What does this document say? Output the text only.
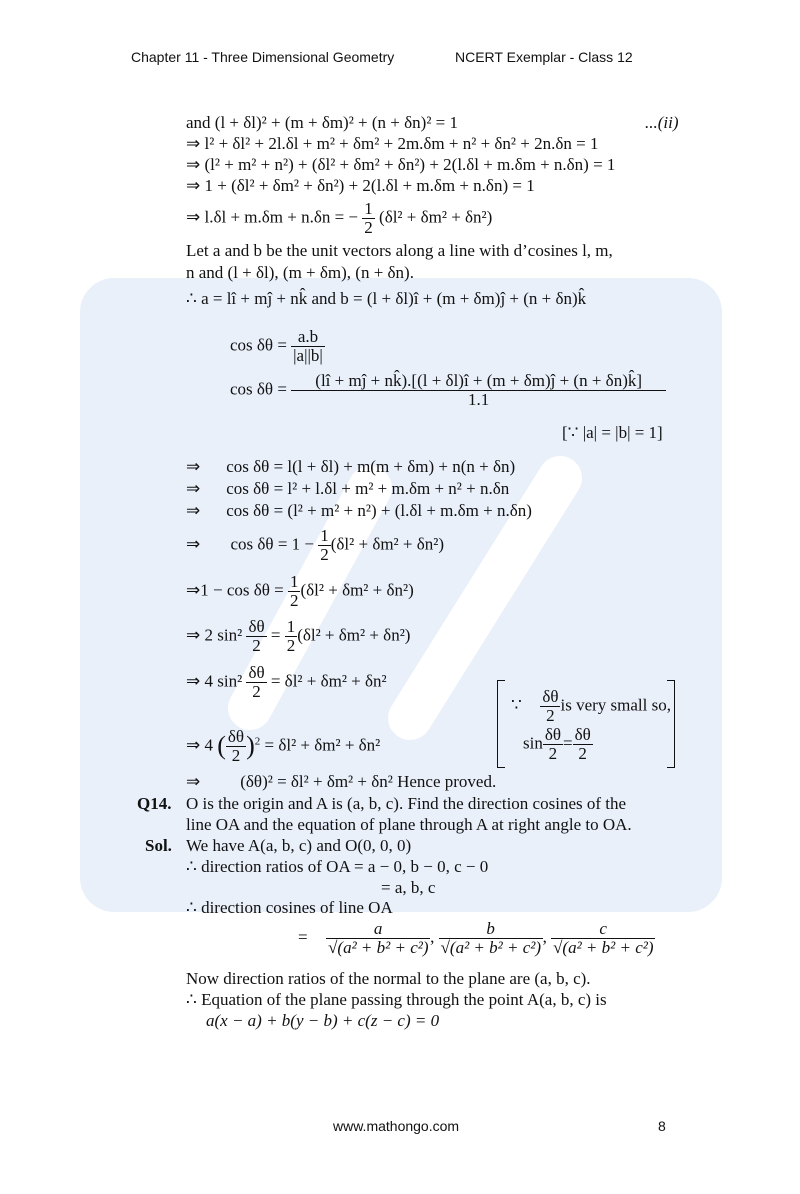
Chapter 11 - Three Dimensional Geometry	NCERT Exemplar - Class 12
and (l + δl)² + (m + δm)² + (n + δn)² = 1	...(ii)
⇒ l² + δl² + 2l.δl + m² + δm² + 2m.δm + n² + δn² + 2n.δn = 1
⇒ (l² + m² + n²) + (δl² + δm² + δn²) + 2(l.δl + m.δm + n.δn) = 1
⇒ 1 + (δl² + δm² + δn²) + 2(l.δl + m.δm + n.δn) = 1
⇒ l.δl + m.δm + n.δn = − $\frac{1}{2} (\delta l^2 + \delta m^2 + \delta n^2)$
Let a and b be the unit vectors along a line with d’cosines l, m,
n and (l + δl), (m + δm), (n + δn).
∴ a = lî + mĵ + nk̂ and b = (l + δl)î + (m + δm)ĵ + (n + δn)k̂
$\cos \delta\theta = \frac{a.b}{|a||b|}$
$\cos \delta\theta = \frac{(lî + mĵ + nk̂).[(l + \delta l)î + (m + \delta m)ĵ + (n + \delta n)k̂]}{1.1}$
[∵ |a| = |b| = 1]
⇒ cos δθ = l(l + δl) + m(m + δm) + n(n + δn)
⇒ cos δθ = l² + l.δl + m² + m.δm + n² + n.δn
⇒ cos δθ = (l² + m² + n²) + (l.δl + m.δm + n.δn)
⇒ $\cos \delta\theta = 1 - \frac{1}{2} (\delta l^2 + \delta m^2 + \delta n^2)$
⇒1 − $\cos \delta\theta = \frac{1}{2} (\delta l^2 + \delta m^2 + \delta n^2)$
⇒ 2 $\sin^2 \frac{\delta\theta}{2} = \frac{1}{2} (\delta l^2 + \delta m^2 + \delta n^2)$
⇒ 4 $\sin^2 \frac{\delta\theta}{2} = \delta l^2 + \delta m^2 + \delta n^2$
⇒ 4 ( $\frac{\delta\theta}{2} )^2 = \delta l^2 + \delta m^2 + \delta n^2$
∵ $\frac{\delta\theta}{2}$ is very small so,
$\sin \frac{\delta\theta}{2} = \frac{\delta\theta}{2}$
⇒ (δθ)² = δl² + δm² + δn² Hence proved.
Q14. O is the origin and A is (a, b, c). Find the direction cosines of the
line OA and the equation of plane through A at right angle to OA.
Sol. We have A(a, b, c) and O(0, 0, 0)
∴ direction ratios of OA = a − 0, b − 0, c − 0
= a, b, c
∴ direction cosines of line OA
= $\frac{a}{\text{√(a² + b² + c²)}}$ , $\frac{b}{\text{√(a² + b² + c²)}}$ , $\frac{c}{\text{√(a² + b² + c²)}}$
Now direction ratios of the normal to the plane are (a, b, c).
∴ Equation of the plane passing through the point A(a, b, c) is
a(x − a) + b(y − b) + c(z − c) = 0
www.mathongo.com	8
